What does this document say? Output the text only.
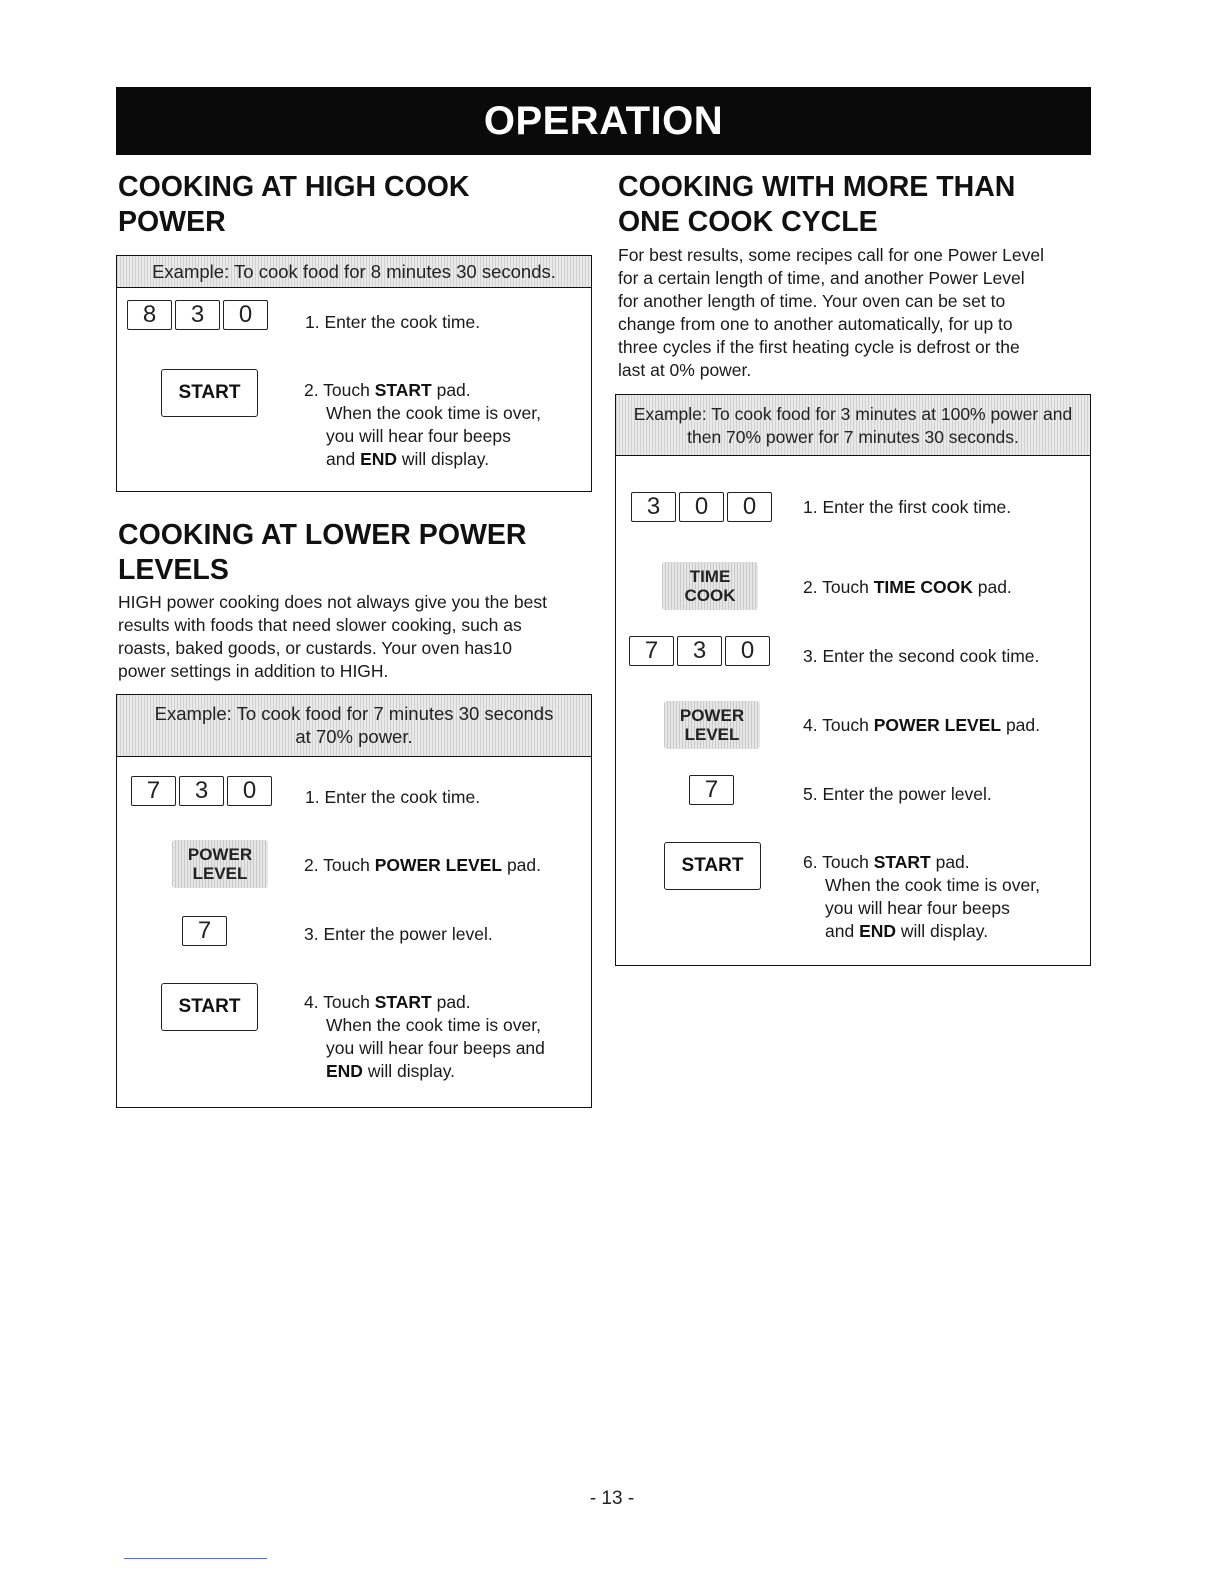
OPERATION
COOKING AT HIGH COOK
POWER
Example: To cook food for 8 minutes 30 seconds.
8	3	0	1. Enter the cook time.

START	2. Touch START pad.
When the cook time is over,
you will hear four beeps
and END will display.

COOKING AT LOWER POWER
LEVELS
HIGH power cooking does not always give you the best
results with foods that need slower cooking, such as
roasts, baked goods, or custards. Your oven has10
power settings in addition to HIGH.
Example: To cook food for 7 minutes 30 seconds
at 70% power.
7	3	0	1. Enter the cook time.

POWER
LEVEL	2. Touch POWER LEVEL pad.

7	3. Enter the power level.

START	4. Touch START pad.
When the cook time is over,
you will hear four beeps and
END will display.

COOKING WITH MORE THAN
ONE COOK CYCLE
For best results, some recipes call for one Power Level
for a certain length of time, and another Power Level
for another length of time. Your oven can be set to
change from one to another automatically, for up to
three cycles if the first heating cycle is defrost or the
last at 0% power.
Example: To cook food for 3 minutes at 100% power and
then 70% power for 7 minutes 30 seconds.
3	0	0	1. Enter the first cook time.

TIME
COOK	2. Touch TIME COOK pad.

7	3	0	3. Enter the second cook time.

POWER
LEVEL	4. Touch POWER LEVEL pad.

7	5. Enter the power level.

START	6. Touch START pad.
When the cook time is over,
you will hear four beeps
and END will display.

- 13 -
